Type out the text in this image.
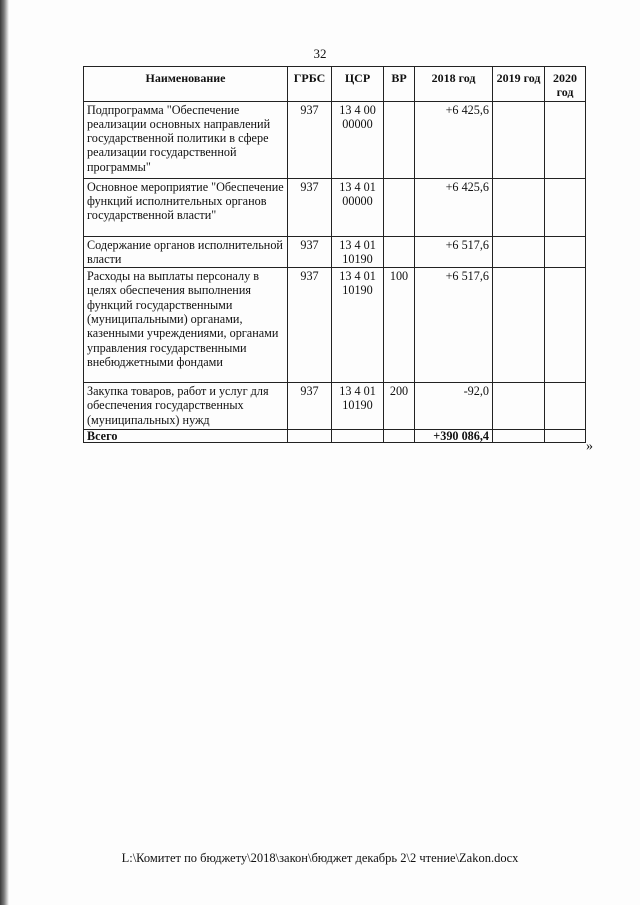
32
Наименование	ГРБС	ЦСР	ВР	2018 год	2019 год	2020 год
Подпрограмма "Обеспечение реализации основных направлений государственной политики в сфере реализации государственной программы"	937	13 4 00 00000		+6 425,6		
Основное мероприятие "Обеспечение функций исполнительных органов государственной власти"	937	13 4 01 00000		+6 425,6		
Содержание органов исполнительной власти	937	13 4 01 10190		+6 517,6		
Расходы на выплаты персоналу в целях обеспечения выполнения функций государственными (муниципальными) органами, казенными учреждениями, органами управления государственными внебюджетными фондами	937	13 4 01 10190	100	+6 517,6		
Закупка товаров, работ и услуг для обеспечения государственных (муниципальных) нужд	937	13 4 01 10190	200	-92,0		
Всего				+390 086,4		
»
L:\Комитет по бюджету\2018\закон\бюджет декабрь 2\2 чтение\Zakon.docx
